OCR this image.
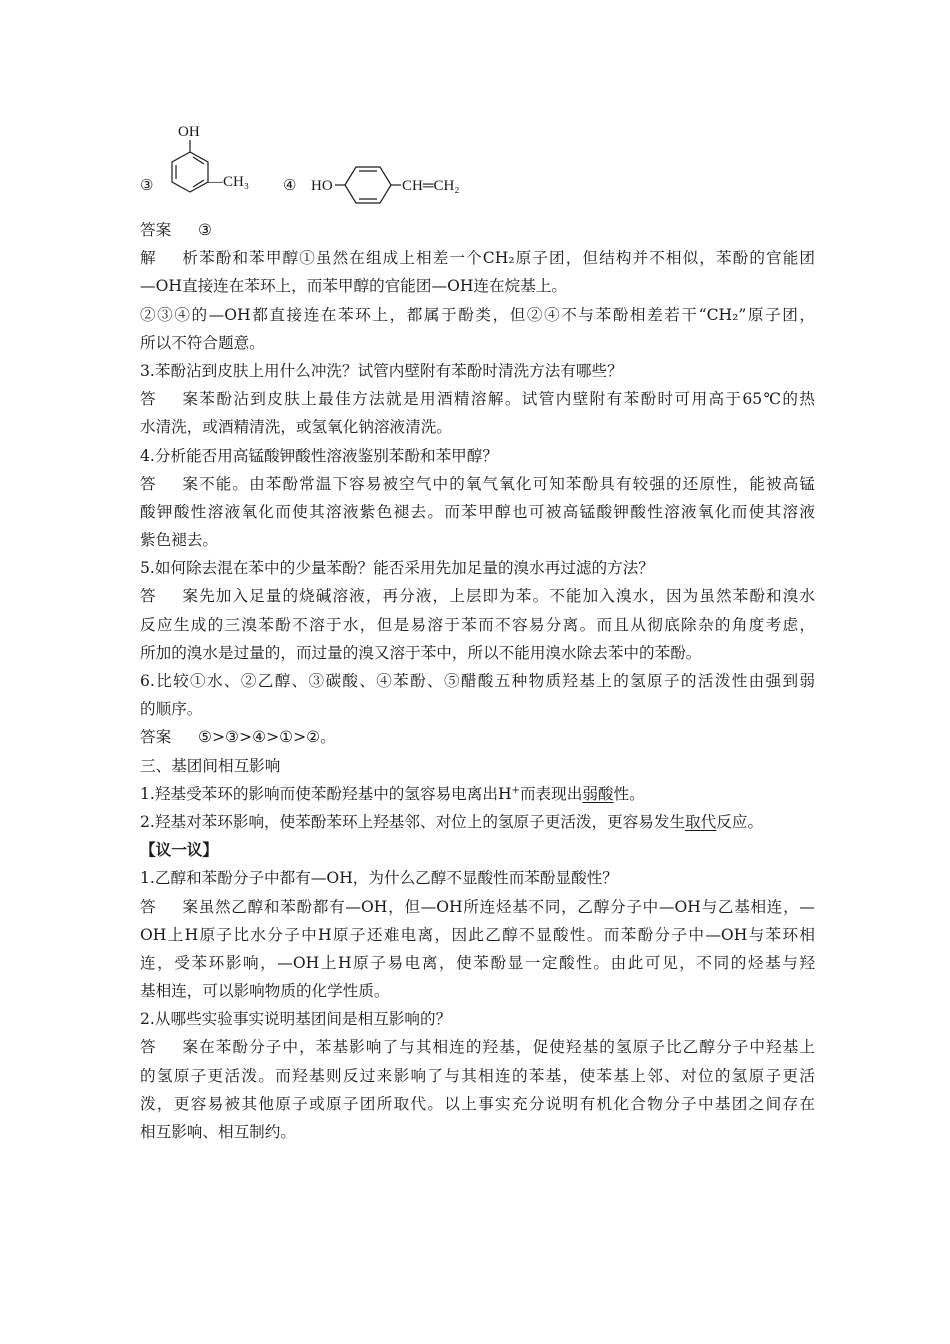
③
OH
—CH₃ ④ HO	CH═CH₂
答案 ③
解析苯酚和苯甲醇①虽然在组成上相差一个CH₂原子团，但结构并不相似，苯酚的官能团
—OH直接连在苯环上，而苯甲醇的官能团—OH连在烷基上。
②③④的—OH都直接连在苯环上，都属于酚类，但②④不与苯酚相差若干“CH₂”原子团，
所以不符合题意。
3.苯酚沾到皮肤上用什么冲洗？试管内壁附有苯酚时清洗方法有哪些？
答案苯酚沾到皮肤上最佳方法就是用酒精溶解。试管内壁附有苯酚时可用高于65℃的热
水清洗，或酒精清洗，或氢氧化钠溶液清洗。
4.分析能否用高锰酸钾酸性溶液鉴别苯酚和苯甲醇？
答案不能。由苯酚常温下容易被空气中的氧气氧化可知苯酚具有较强的还原性，能被高锰
酸钾酸性溶液氧化而使其溶液紫色褪去。而苯甲醇也可被高锰酸钾酸性溶液氧化而使其溶液
紫色褪去。
5.如何除去混在苯中的少量苯酚？能否采用先加足量的溴水再过滤的方法？
答案先加入足量的烧碱溶液，再分液，上层即为苯。不能加入溴水，因为虽然苯酚和溴水
反应生成的三溴苯酚不溶于水，但是易溶于苯而不容易分离。而且从彻底除杂的角度考虑，
所加的溴水是过量的，而过量的溴又溶于苯中，所以不能用溴水除去苯中的苯酚。
6.比较①水、②乙醇、③碳酸、④苯酚、⑤醋酸五种物质羟基上的氢原子的活泼性由强到弱
的顺序。
答案 ⑤>③>④>①>②。
三、基团间相互影响
1.羟基受苯环的影响而使苯酚羟基中的氢容易电离出H+而表现出弱酸性。
2.羟基对苯环影响，使苯酚苯环上羟基邻、对位上的氢原子更活泼，更容易发生取代反应。
【议一议】
1.乙醇和苯酚分子中都有—OH，为什么乙醇不显酸性而苯酚显酸性？
答案虽然乙醇和苯酚都有—OH，但—OH所连烃基不同，乙醇分子中—OH与乙基相连，—
OH上H原子比水分子中H原子还难电离，因此乙醇不显酸性。而苯酚分子中—OH与苯环相
连，受苯环影响，—OH上H原子易电离，使苯酚显一定酸性。由此可见，不同的烃基与羟
基相连，可以影响物质的化学性质。
2.从哪些实验事实说明基团间是相互影响的？
答案在苯酚分子中，苯基影响了与其相连的羟基，促使羟基的氢原子比乙醇分子中羟基上
的氢原子更活泼。而羟基则反过来影响了与其相连的苯基，使苯基上邻、对位的氢原子更活
泼，更容易被其他原子或原子团所取代。以上事实充分说明有机化合物分子中基团之间存在
相互影响、相互制约。
